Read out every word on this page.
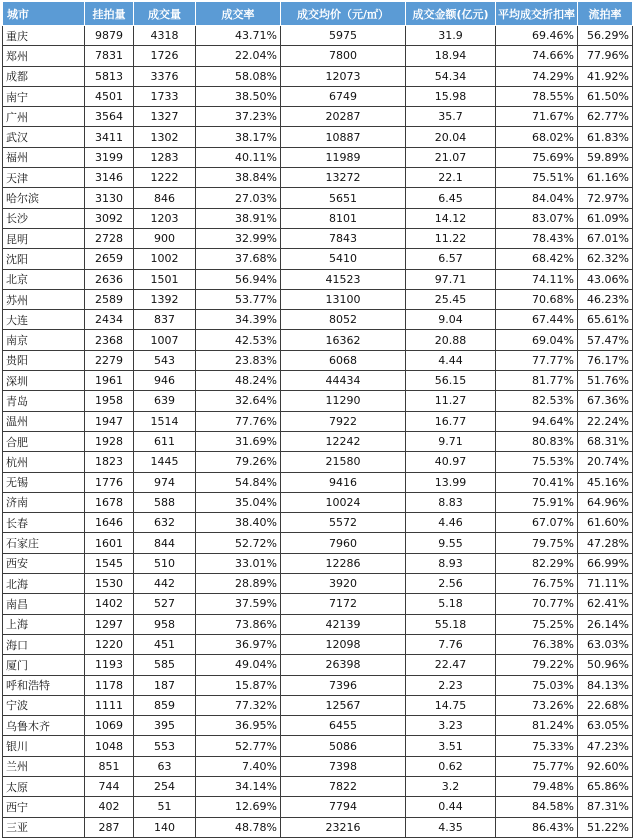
城市	挂拍量	成交量	成交率	成交均价（元/㎡）	成交金额(亿元)	平均成交折扣率	流拍率
重庆	9879	4318	43.71%	5975	31.9	69.46%	56.29%
郑州	7831	1726	22.04%	7800	18.94	74.66%	77.96%
成都	5813	3376	58.08%	12073	54.34	74.29%	41.92%
南宁	4501	1733	38.50%	6749	15.98	78.55%	61.50%
广州	3564	1327	37.23%	20287	35.7	71.67%	62.77%
武汉	3411	1302	38.17%	10887	20.04	68.02%	61.83%
福州	3199	1283	40.11%	11989	21.07	75.69%	59.89%
天津	3146	1222	38.84%	13272	22.1	75.51%	61.16%
哈尔滨	3130	846	27.03%	5651	6.45	84.04%	72.97%
长沙	3092	1203	38.91%	8101	14.12	83.07%	61.09%
昆明	2728	900	32.99%	7843	11.22	78.43%	67.01%
沈阳	2659	1002	37.68%	5410	6.57	68.42%	62.32%
北京	2636	1501	56.94%	41523	97.71	74.11%	43.06%
苏州	2589	1392	53.77%	13100	25.45	70.68%	46.23%
大连	2434	837	34.39%	8052	9.04	67.44%	65.61%
南京	2368	1007	42.53%	16362	20.88	69.04%	57.47%
贵阳	2279	543	23.83%	6068	4.44	77.77%	76.17%
深圳	1961	946	48.24%	44434	56.15	81.77%	51.76%
青岛	1958	639	32.64%	11290	11.27	82.53%	67.36%
温州	1947	1514	77.76%	7922	16.77	94.64%	22.24%
合肥	1928	611	31.69%	12242	9.71	80.83%	68.31%
杭州	1823	1445	79.26%	21580	40.97	75.53%	20.74%
无锡	1776	974	54.84%	9416	13.99	70.41%	45.16%
济南	1678	588	35.04%	10024	8.83	75.91%	64.96%
长春	1646	632	38.40%	5572	4.46	67.07%	61.60%
石家庄	1601	844	52.72%	7960	9.55	79.75%	47.28%
西安	1545	510	33.01%	12286	8.93	82.29%	66.99%
北海	1530	442	28.89%	3920	2.56	76.75%	71.11%
南昌	1402	527	37.59%	7172	5.18	70.77%	62.41%
上海	1297	958	73.86%	42139	55.18	75.25%	26.14%
海口	1220	451	36.97%	12098	7.76	76.38%	63.03%
厦门	1193	585	49.04%	26398	22.47	79.22%	50.96%
呼和浩特	1178	187	15.87%	7396	2.23	75.03%	84.13%
宁波	1111	859	77.32%	12567	14.75	73.26%	22.68%
乌鲁木齐	1069	395	36.95%	6455	3.23	81.24%	63.05%
银川	1048	553	52.77%	5086	3.51	75.33%	47.23%
兰州	851	63	7.40%	7398	0.62	75.77%	92.60%
太原	744	254	34.14%	7822	3.2	79.48%	65.86%
西宁	402	51	12.69%	7794	0.44	84.58%	87.31%
三亚	287	140	48.78%	23216	4.35	86.43%	51.22%
